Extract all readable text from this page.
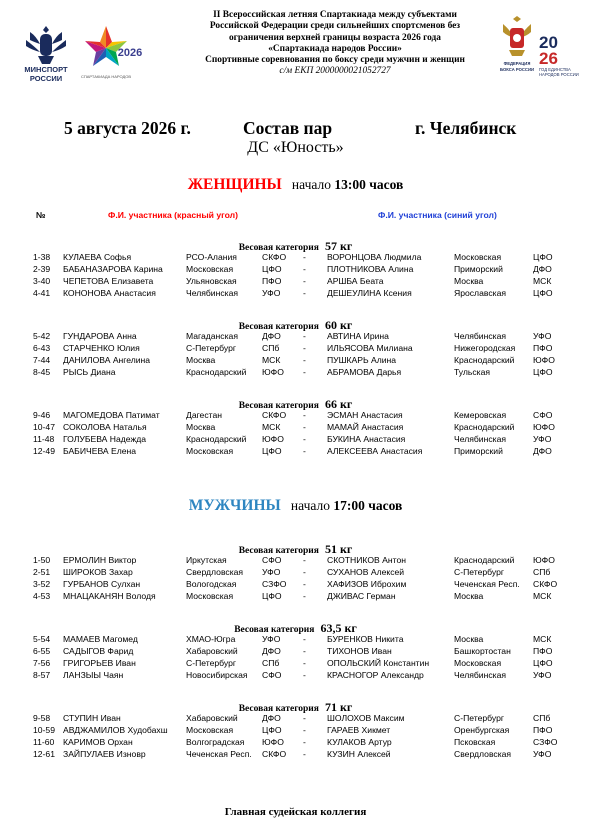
МИНСПОРТ
РОССИИ
2026
СПАРТАКИАДА НАРОДОВ
ФЕДЕРАЦИЯ
БОКСА РОССИИ
20
26
ГОД ЕДИНСТВА
НАРОДОВ РОССИИ
II Всероссийская летняя Спартакиада между субъектами
Российской Федерации среди сильнейших спортсменов без
ограничения верхней границы возраста 2026 года
«Спартакиада народов России»
Спортивные соревнования по боксу среди мужчин и женщин
с/м ЕКП 2000000021052727
5 августа 2026 г.	Состав пар	г. Челябинск
ДС «Юность»
ЖЕНЩИНЫ начало 13:00 часов
№	Ф.И. участника (красный угол)	Ф.И. участника (синий угол)
МУЖЧИНЫ начало 17:00 часов
Весовая категория 57 кг
1-38 КУЛАЕВА Софья	РСО-Алания	СКФО - ВОРОНЦОВА Людмила	Московская	ЦФО
2-39 БАБАНАЗАРОВА Карина	Московская	ЦФО - ПЛОТНИКОВА Алина	Приморский	ДФО
3-40 ЧЕПЕТОВА Елизавета	Ульяновская	ПФО	- АРШБА Беата	Москва	МСК
4-41 КОНОНОВА Анастасия	Челябинская	УФО	- ДЕШЕУЛИНА Ксения	Ярославская	ЦФО
Весовая категория 60 кг
5-42 ГУНДАРОВА Анна	Магаданская	ДФО	- АВТИНА Ирина	Челябинская	УФО
6-43 СТАРЧЕНКО Юлия	С-Петербург	СПб	- ИЛЬЯСОВА Милиана	Нижегородская ПФО
7-44 ДАНИЛОВА Ангелина	Москва	МСК	- ПУШКАРЬ Алина	Краснодарский ЮФО
8-45 РЫСЬ Диана	Краснодарский ЮФО - АБРАМОВА Дарья	Тульская	ЦФО
Весовая категория 66 кг
9-46 МАГОМЕДОВА Патимат	Дагестан	СКФО - ЭСМАН Анастасия	Кемеровская	СФО
10-47 СОКОЛОВА Наталья	Москва	МСК	- МАМАЙ Анастасия	Краснодарский ЮФО
11-48 ГОЛУБЕВА Надежда	Краснодарский ЮФО - БУКИНА Анастасия	Челябинская	УФО
12-49 БАБИЧЕВА Елена	Московская	ЦФО - АЛЕКСЕЕВА Анастасия	Приморский	ДФО
Весовая категория 51 кг
1-50 ЕРМОЛИН Виктор	Иркутская	СФО	- СКОТНИКОВ Антон	Краснодарский ЮФО
2-51 ШИРОКОВ Захар	Свердловская УФО	- СУХАНОВ Алексей	С-Петербург	СПб
3-52 ГУРБАНОВ Сулхан	Вологодская	СЗФО - ХАФИЗОВ Иброхим	Чеченская Респ. СКФО
4-53 МНАЦАКАНЯН Володя	Московская	ЦФО - ДЖИВАС Герман	Москва	МСК
Весовая категория 63,5 кг
5-54 МАМАЕВ Магомед	ХМАО-Югра	УФО	- БУРЕНКОВ Никита	Москва	МСК
6-55 САДЫГОВ Фарид	Хабаровский	ДФО	- ТИХОНОВ Иван	Башкортостан	ПФО
7-56 ГРИГОРЬЕВ Иван	С-Петербург	СПб	- ОПОЛЬСКИЙ Константин	Московская	ЦФО
8-57 ЛАНЗЫЫ Чаян	Новосибирская СФО	- КРАСНОГОР Александр	Челябинская	УФО
Весовая категория 71 кг
9-58 СТУПИН Иван	Хабаровский	ДФО	- ШОЛОХОВ Максим	С-Петербург	СПб
10-59 АВДЖАМИЛОВ Худобахш Московская	ЦФО - ГАРАЕВ Хикмет	Оренбургская	ПФО
11-60 КАРИМОВ Орхан	Волгоградская ЮФО - КУЛАКОВ Артур	Псковская	СЗФО
12-61 ЗАЙПУЛАЕВ Изновр	Чеченская Респ. СКФО - КУЗИН Алексей	Свердловская	УФО
Главная судейская коллегия
